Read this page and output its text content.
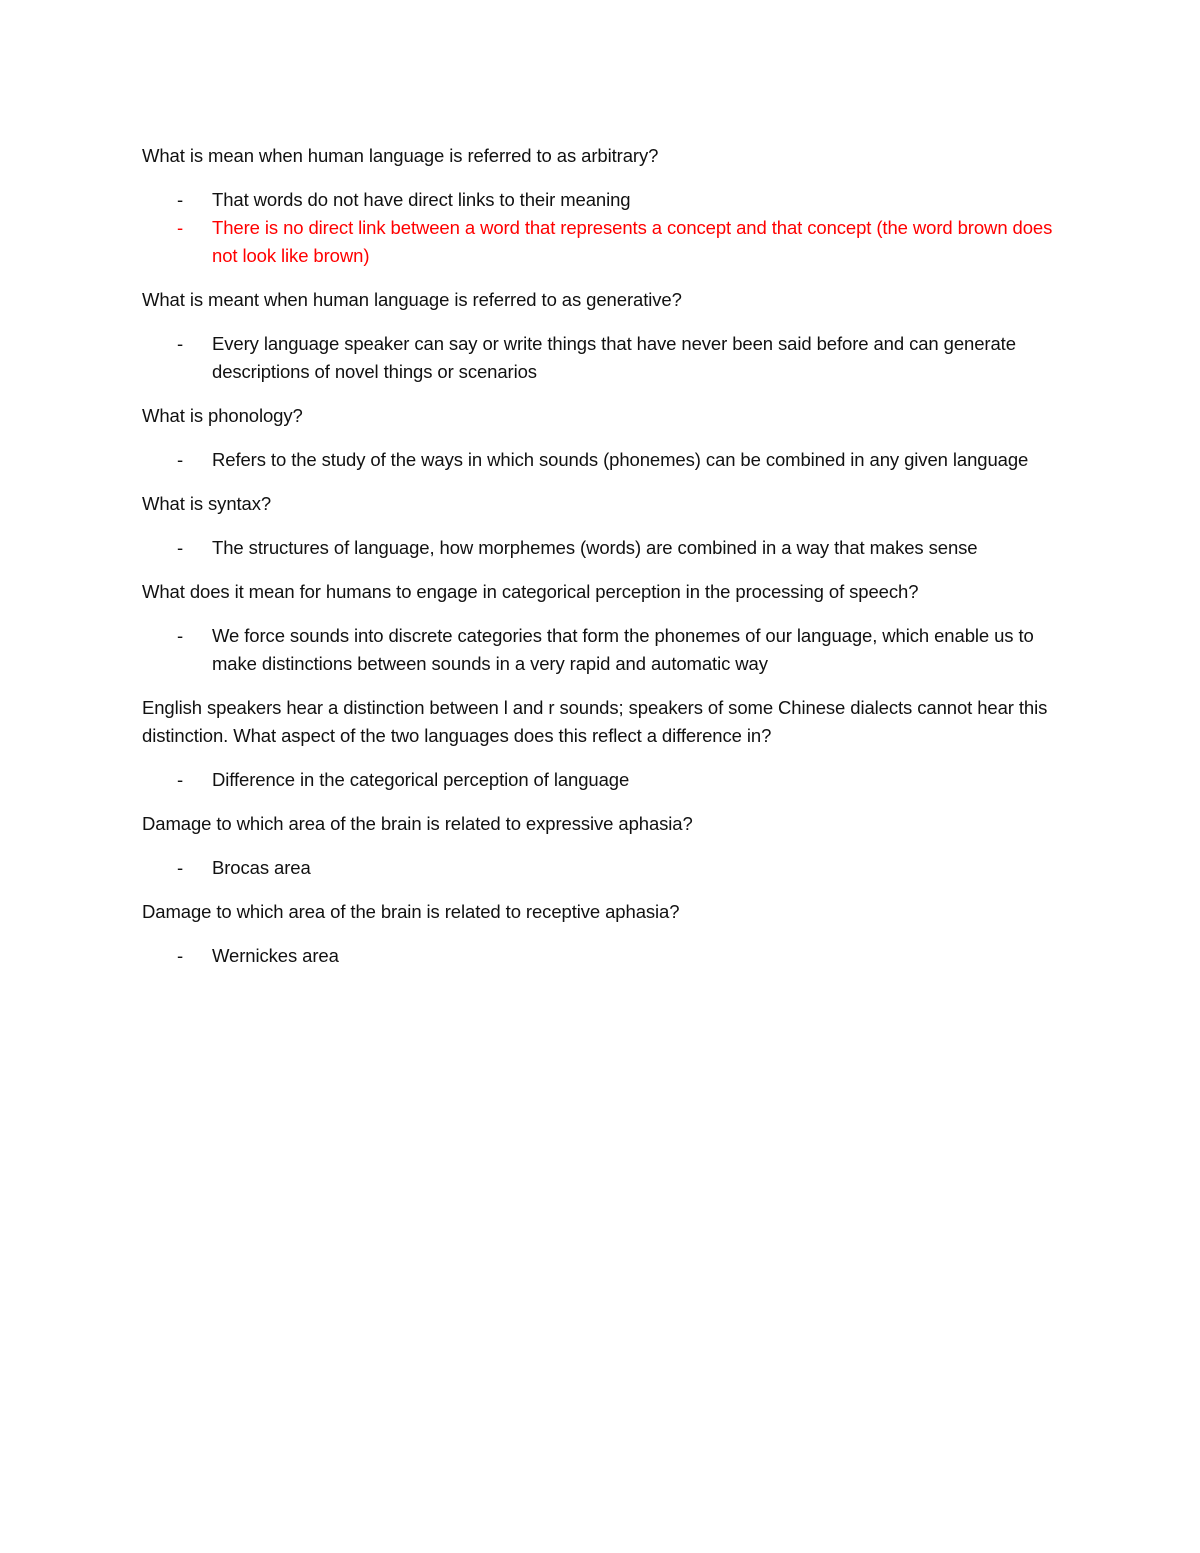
What is mean when human language is referred to as arbitrary?

- That words do not have direct links to their meaning
- There is no direct link between a word that represents a concept and that concept (the word brown does not look like brown)

What is meant when human language is referred to as generative?

- Every language speaker can say or write things that have never been said before and can generate descriptions of novel things or scenarios

What is phonology?

- Refers to the study of the ways in which sounds (phonemes) can be combined in any given language

What is syntax?

- The structures of language, how morphemes (words) are combined in a way that makes sense

What does it mean for humans to engage in categorical perception in the processing of speech?

- We force sounds into discrete categories that form the phonemes of our language, which enable us to make distinctions between sounds in a very rapid and automatic way

English speakers hear a distinction between l and r sounds; speakers of some Chinese dialects cannot hear this distinction. What aspect of the two languages does this reflect a difference in?

- Difference in the categorical perception of language

Damage to which area of the brain is related to expressive aphasia?

- Brocas area

Damage to which area of the brain is related to receptive aphasia?

- Wernickes area
